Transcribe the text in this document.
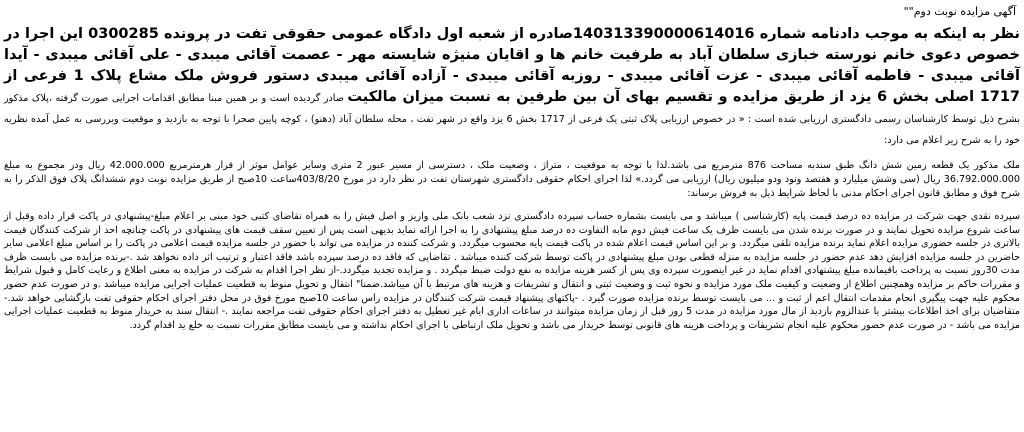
آگهی مزایده نوبت دوم""

نظر به اینکه به موجب دادنامه شماره 140313390000614016صادره از شعبه اول دادگاه عمومی حقوقی تفت در پرونده 0300285 این اجرا در خصوص دعوی خانم نورسته خبازی سلطان آباد به طرفیت خانم ها و اقایان منیژه شایسته مهر - عصمت آقائی میبدی - علی آقائی میبدی - آیدا آقائی میبدی - فاطمه آقائی میبدی - عزت آقائی میبدی - روزبه آقائی میبدی - آزاده آقائی میبدی دستور فروش ملک مشاع پلاک 1 فرعی از 1717 اصلی بخش 6 یزد از طریق مزایده و تقسیم بهای آن بین طرفین به نسبت میزان مالکیت صادر گردیده است و بر همین مبنا مطابق اقدامات اجرایی صورت گرفته ،پلاک مذکور بشرح ذیل توسط کارشناسان رسمی دادگستری ارزیابی شده است : « در خصوص ارزیابی پلاک ثبتی یک فرعی از 1717 بخش 6 یزد واقع در شهر تفت ، محله سلطان آباد (دهنو) ، کوچه پایین صحرا با توجه به بازدید و موقعیت وبررسی به عمل آمده نظریه خود را به شرح زیر اعلام می دارد:

ملک مذکور یک قطعه زمین شش دانگ طبق سندبه مساحت 876 مترمربع می باشد.لذا با توجه به موقعیت ، متراژ ، وضعیت ملک ، دسترسی از مسیر عبور 2 متری وسایر عوامل موثر از قرار هرمترمربع 42.000.000 ریال ودر مجموع به مبلغ 36.792.000.000 ریال (سی وشش میلیارد و هفتصد ونود ودو میلیون ریال) ارزیابی می گردد.» لذا اجرای احکام حقوقی دادگستری شهرستان تفت در نظر دارد در مورخ 403/8/20ساعت 10صبح از طریق مزایده نوبت دوم ششدانگ پلاک فوق الذکر را به شرح فوق و مطابق قانون اجرای احکام مدنی با لحاظ شرایط ذیل به فروش برساند:

سپرده نقدی جهت شرکت در مزایده ده درصد قیمت پایه (کارشناسی ) میباشد و می بایست بشماره حساب سپرده دادگستری نزد شعب بانک ملی واریز و اصل فیش را به همراه تقاضای کتبی خود مبنی بر اعلام مبلغ-پیشنهادی در پاکت قرار داده وقبل از ساعت شروع مزایده تحویل نمایند و در صورت برنده شدن می بایست ظرف یک ساعت فیش دوم مابه التفاوت ده درصد مبلغ پیشنهادی را به اجرا ارائه نماید بدیهی است پس از تعیین سقف قیمت های پیشنهادی در پاکت چنانچه احد از شرکت کنندگان قیمت بالاتری در جلسه حضوری مزایده اعلام نماید برنده مزایده تلقی میگردد. و بر این اساس قیمت اعلام شده در پاکت قیمت پایه محسوب میگردد. و شرکت کننده در مزایده می تواند با حضور در جلسه مزایده قیمت اعلامی در پاکت را بر اساس مبلغ اعلامی سایر حاضرین در جلسه مزایده افزایش دهد عدم حضور در جلسه مزایده به منزله قطعی بودن مبلغ پیشنهادی در پاکت توسط شرکت کننده میباشد . تقاضایی که فاقد ده درصد سپرده باشد فاقد اعتبار و ترتیب اثر داده نخواهد شد .-برنده مزایده می بایست ظرف مدت 30روز نسبت به پرداخت باقیمانده مبلغ پیشنهادی اقدام نماید در غیر اینصورت سپرده وی پس از کسر هزینه مزایده به نفع دولت ضبط میگردد . و مزایده تجدید میگردد.-از نظر اجرا اقدام به شرکت در مزایده به معنی اطلاع و رعایت کامل و قبول شرایط و مقررات حاکم بر مزایده وهمچنین اطلاع از وضعیت و کیفیت ملک مورد مزایده و نحوه ثبت و وضعیت ثبتی و انتقال و تشریفات و هزینه های مرتبط با آن میباشد.ضمنا" انتقال و تحویل منوط به قطعیت عملیات اجرایی مزایده میباشد .و در صورت عدم حضور محکوم علیه جهت پیگیری انجام مقدمات انتقال اعم از ثبت و ... می بایست توسط برنده مزایده صورت گیرد . -پاکتهای پیشنهاد قیمت شرکت کنندگان در مزایده راس ساعت 10صبح مورخ فوق در محل دفتر اجرای احکام حقوقی تفت بازگشایی خواهد شد.-متقاضیان برای اخذ اطلاعات بیشتر یا عندالزوم بازدید از مال مورد مزایده در مدت 5 روز قبل از زمان مزایده میتوانند در ساعات اداری ایام غیر تعطیل به دفتر اجرای احکام حقوقی تفت مراجعه نمایند .- انتقال سند به خریدار منوط به قطعیت عملیات اجرایی مزایده می باشد - در صورت عدم حضور محکوم علیه انجام تشریفات و پرداخت هزینه های قانونی توسط خریدار می باشد و تحویل ملک ارتباطی با اجرای احکام نداشته و می بایست مطابق مقررات نسبت به خلع ید اقدام گردد.
